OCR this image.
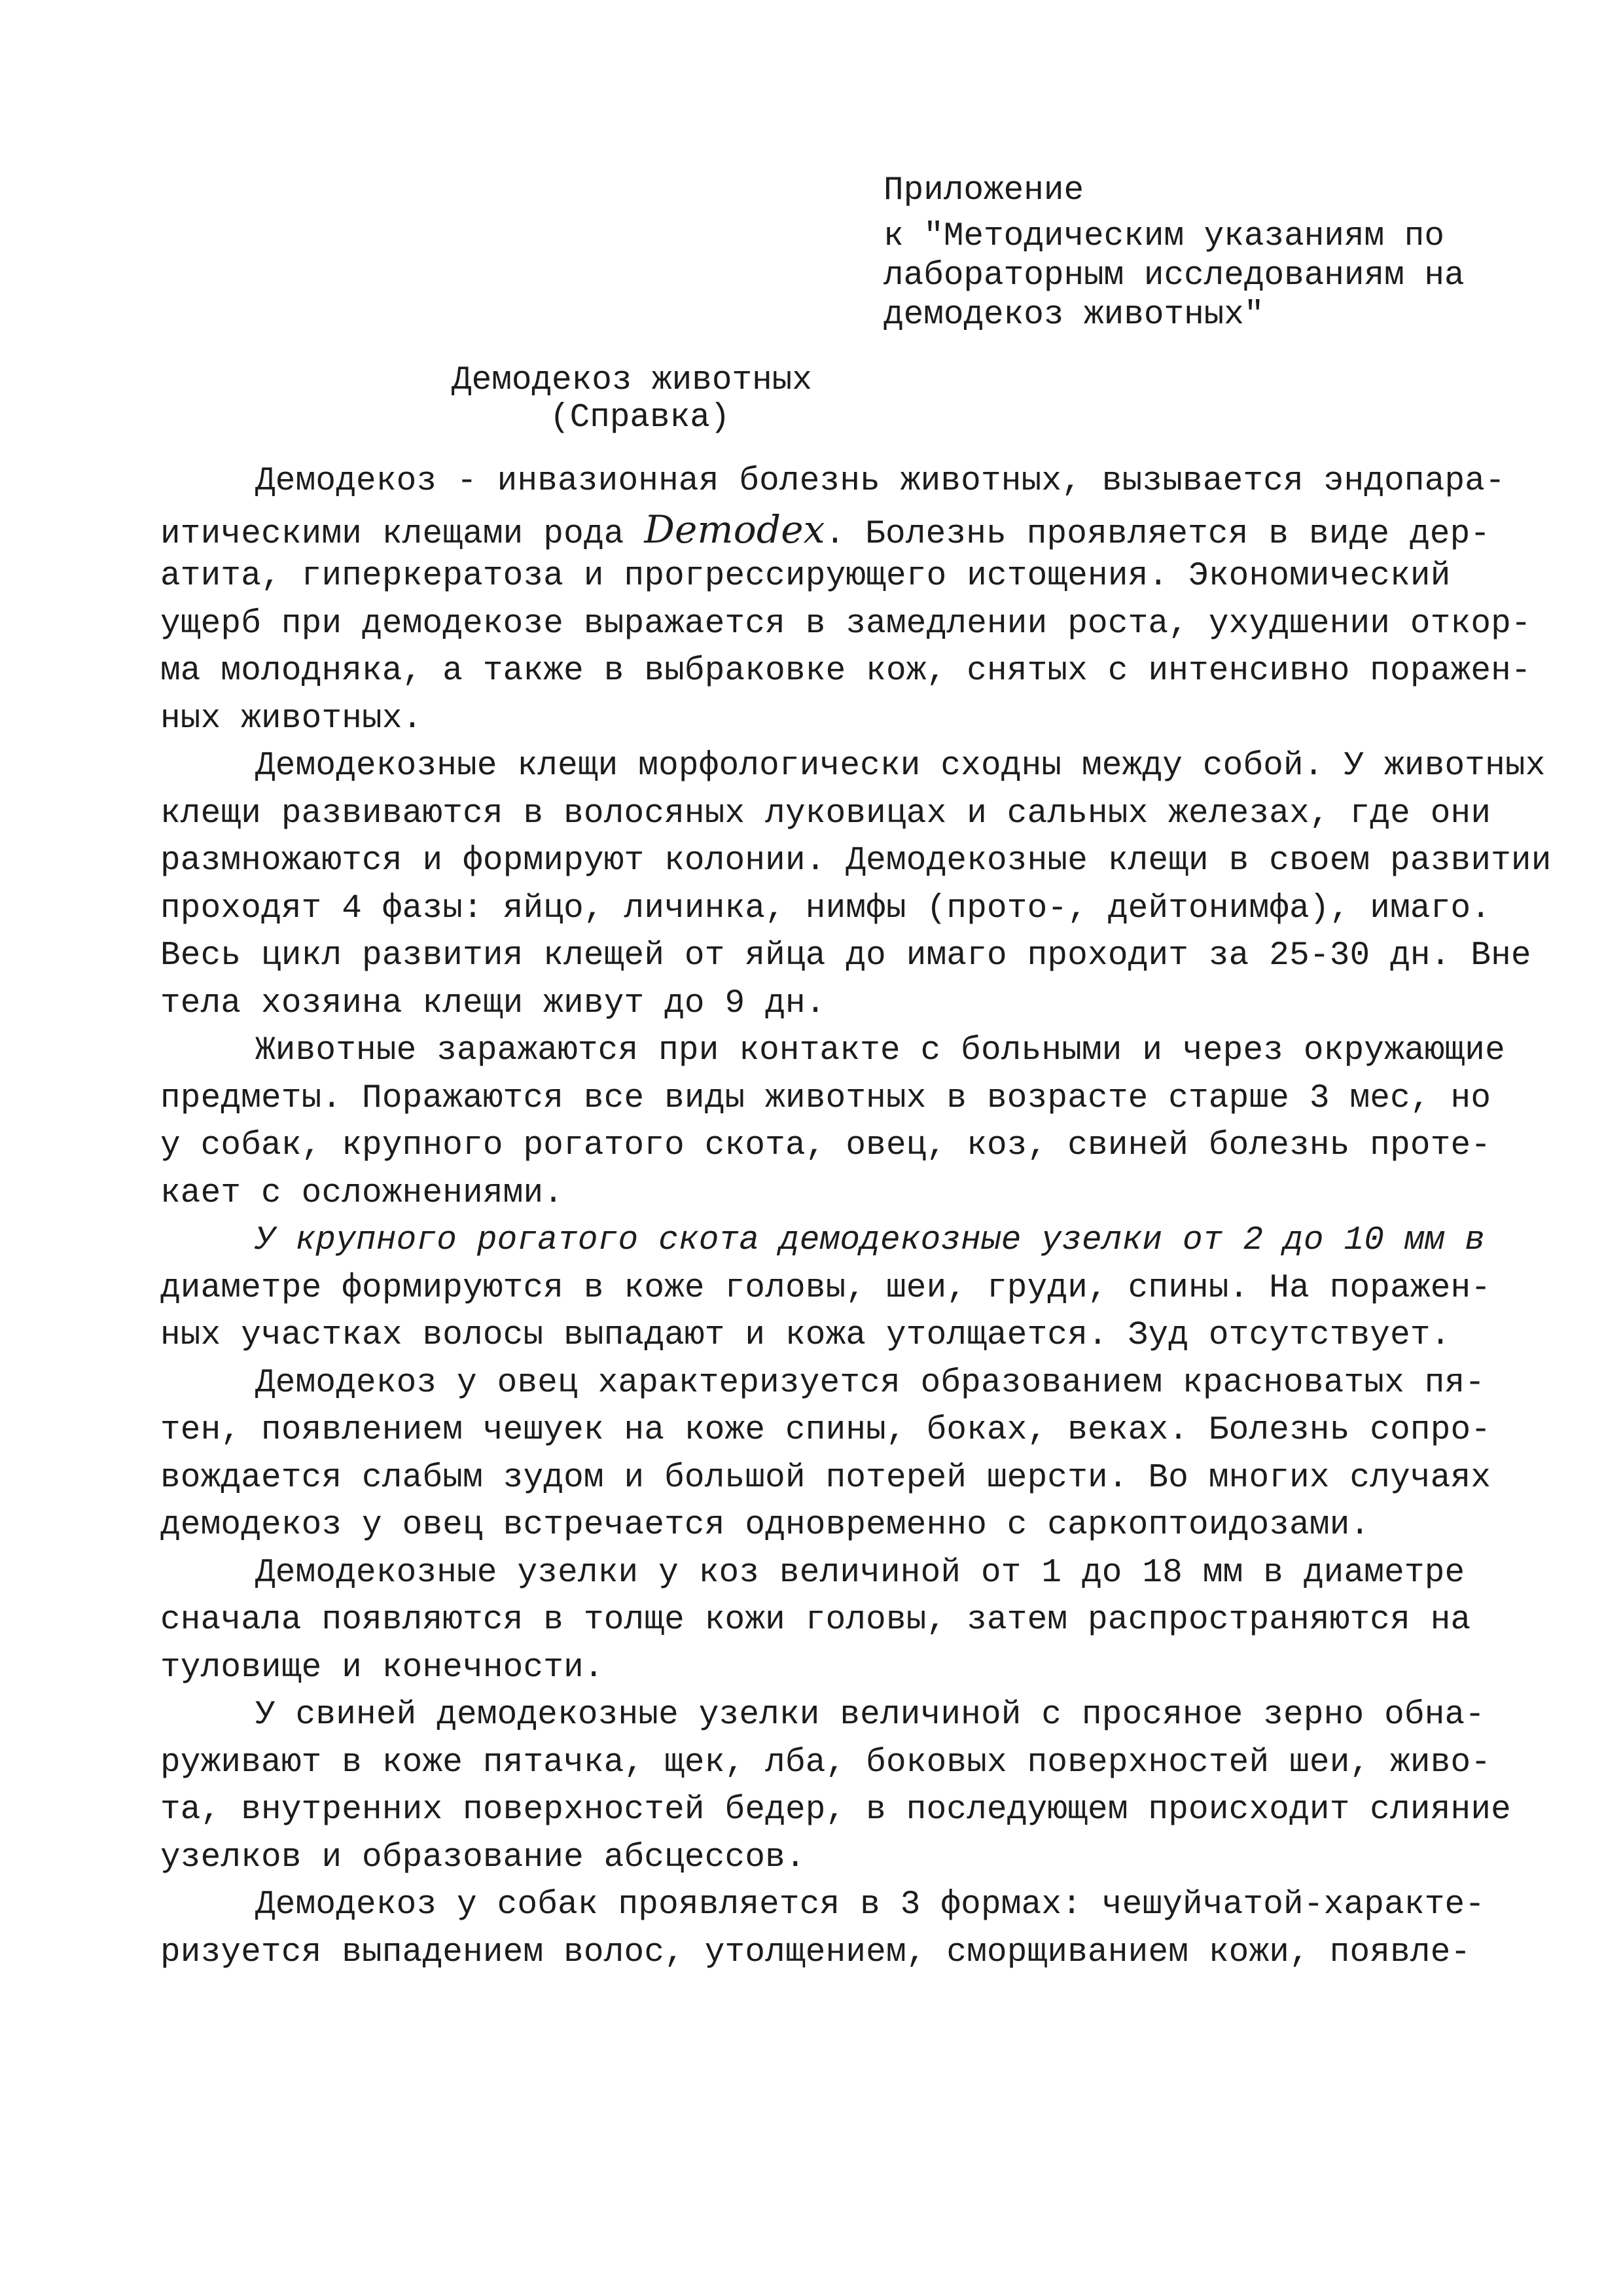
Приложение
к "Методическим указаниям по
лабораторным исследованиям на
демодекоз животных"
Демодекоз животных
(Справка)
Демодекоз - инвазионная болезнь животных, вызывается эндопара-
итическими клещами рода Demodex. Болезнь проявляется в виде дер-
атита, гиперкератоза и прогрессирующего истощения. Экономический
ущерб при демодекозе выражается в замедлении роста, ухудшении откор-
ма молодняка, а также в выбраковке кож, снятых с интенсивно поражен-
ных животных.
Демодекозные клещи морфологически сходны между собой. У животных
клещи развиваются в волосяных луковицах и сальных железах, где они
размножаются и формируют колонии. Демодекозные клещи в своем развитии
проходят 4 фазы: яйцо, личинка, нимфы (прото-, дейтонимфа), имаго.
Весь цикл развития клещей от яйца до имаго проходит за 25-30 дн. Вне
тела хозяина клещи живут до 9 дн.
Животные заражаются при контакте с больными и через окружающие
предметы. Поражаются все виды животных в возрасте старше 3 мес, но
у собак, крупного рогатого скота, овец, коз, свиней болезнь проте-
кает с осложнениями.
У крупного рогатого скота демодекозные узелки от 2 до 10 мм в
диаметре формируются в коже головы, шеи, груди, спины. На поражен-
ных участках волосы выпадают и кожа утолщается. Зуд отсутствует.
Демодекоз у овец характеризуется образованием красноватых пя-
тен, появлением чешуек на коже спины, боках, веках. Болезнь сопро-
вождается слабым зудом и большой потерей шерсти. Во многих случаях
демодекоз у овец встречается одновременно с саркоптоидозами.
Демодекозные узелки у коз величиной от 1 до 18 мм в диаметре
сначала появляются в толще кожи головы, затем распространяются на
туловище и конечности.
У свиней демодекозные узелки величиной с просяное зерно обна-
руживают в коже пятачка, щек, лба, боковых поверхностей шеи, живо-
та, внутренних поверхностей бедер, в последующем происходит слияние
узелков и образование абсцессов.
Демодекоз у собак проявляется в 3 формах: чешуйчатой-характе-
ризуется выпадением волос, утолщением, сморщиванием кожи, появле-
